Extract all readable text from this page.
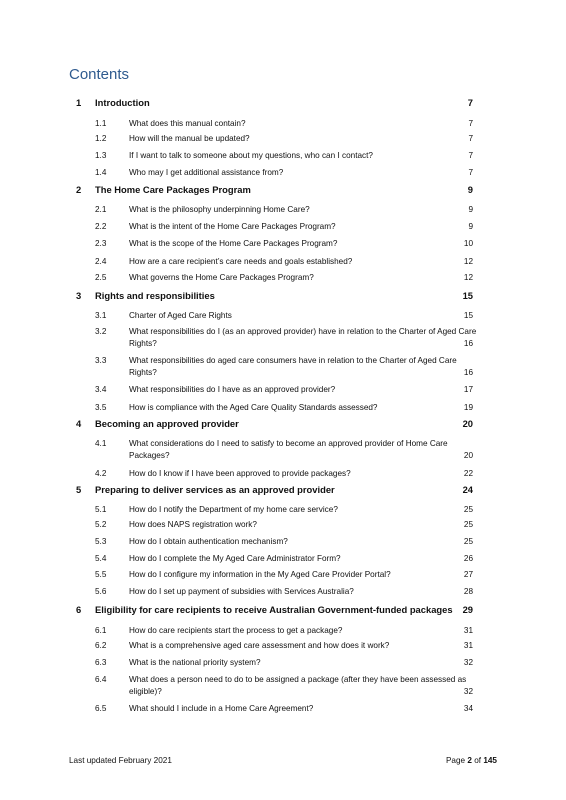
Contents
1 Introduction	7
1.1	What does this manual contain?	7
1.2	How will the manual be updated?	7
1.3	If I want to talk to someone about my questions, who can I contact?	7
1.4	Who may I get additional assistance from?	7
2 The Home Care Packages Program	9
2.1	What is the philosophy underpinning Home Care?	9
2.2	What is the intent of the Home Care Packages Program?	9
2.3	What is the scope of the Home Care Packages Program?	10
2.4	How are a care recipient’s care needs and goals established?	12
2.5	What governs the Home Care Packages Program?	12
3 Rights and responsibilities	15
3.1	Charter of Aged Care Rights	15
3.2	What responsibilities do I (as an approved provider) have in relation to the Charter of Aged Care Rights?	16
3.3	What responsibilities do aged care consumers have in relation to the Charter of Aged Care Rights?	16
3.4	What responsibilities do I have as an approved provider?	17
3.5	How is compliance with the Aged Care Quality Standards assessed?	19
4 Becoming an approved provider	20
4.1	What considerations do I need to satisfy to become an approved provider of Home Care Packages?	20
4.2	How do I know if I have been approved to provide packages?	22
5 Preparing to deliver services as an approved provider	24
5.1	How do I notify the Department of my home care service?	25
5.2	How does NAPS registration work?	25
5.3	How do I obtain authentication mechanism?	25
5.4	How do I complete the My Aged Care Administrator Form?	26
5.5	How do I configure my information in the My Aged Care Provider Portal?	27
5.6	How do I set up payment of subsidies with Services Australia?	28
6 Eligibility for care recipients to receive Australian Government-funded packages 29
6.1	How do care recipients start the process to get a package?	31
6.2	What is a comprehensive aged care assessment and how does it work?	31
6.3	What is the national priority system?	32
6.4	What does a person need to do to be assigned a package (after they have been assessed as eligible)?	32
6.5	What should I include in a Home Care Agreement?	34
Last updated February 2021	Page 2 of 145
